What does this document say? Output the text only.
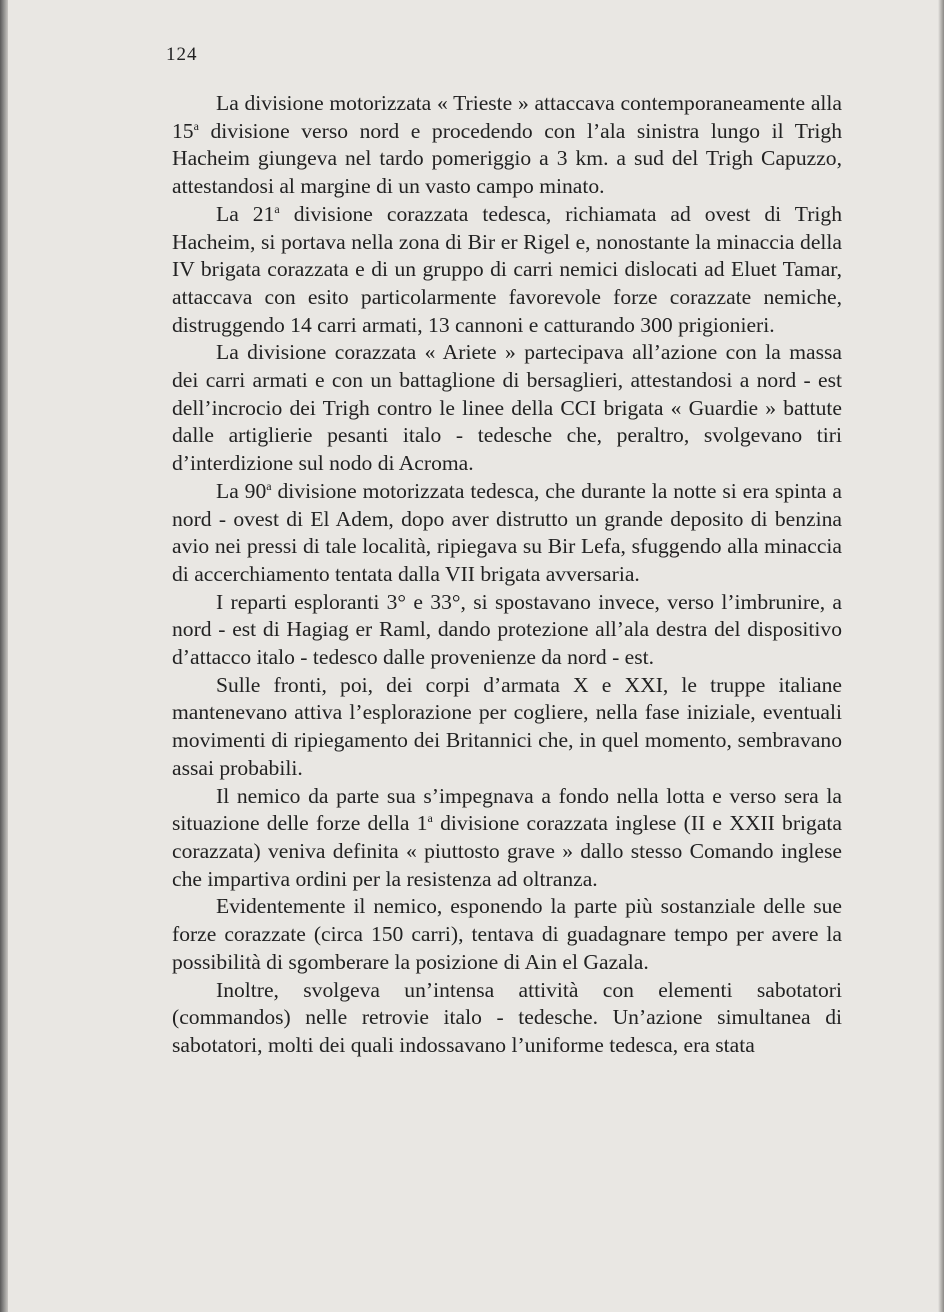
124

La divisione motorizzata « Trieste » attaccava contemporaneamente alla 15$^a$ divisione verso nord e procedendo con l’ala sinistra lungo il Trigh Hacheim giungeva nel tardo pomeriggio a 3 km. a sud del Trigh Capuzzo, attestandosi al margine di un vasto campo minato.

La 21$^a$ divisione corazzata tedesca, richiamata ad ovest di Trigh Hacheim, si portava nella zona di Bir er Rigel e, nonostante la minaccia della IV brigata corazzata e di un gruppo di carri nemici dislocati ad Eluet Tamar, attaccava con esito particolarmente favorevole forze corazzate nemiche, distruggendo 14 carri armati, 13 cannoni e catturando 300 prigionieri.

La divisione corazzata « Ariete » partecipava all’azione con la massa dei carri armati e con un battaglione di bersaglieri, attestandosi a nord - est dell’incrocio dei Trigh contro le linee della CCI brigata « Guardie » battute dalle artiglierie pesanti italo - tedesche che, peraltro, svolgevano tiri d’interdizione sul nodo di Acroma.

La 90$^a$ divisione motorizzata tedesca, che durante la notte si era spinta a nord - ovest di El Adem, dopo aver distrutto un grande deposito di benzina avio nei pressi di tale località, ripiegava su Bir Lefa, sfuggendo alla minaccia di accerchiamento tentata dalla VII brigata avversaria.

I reparti esploranti 3° e 33°, si spostavano invece, verso l’imbrunire, a nord - est di Hagiag er Raml, dando protezione all’ala destra del dispositivo d’attacco italo - tedesco dalle provenienze da nord - est.

Sulle fronti, poi, dei corpi d’armata X e XXI, le truppe italiane mantenevano attiva l’esplorazione per cogliere, nella fase iniziale, eventuali movimenti di ripiegamento dei Britannici che, in quel momento, sembravano assai probabili.

Il nemico da parte sua s’impegnava a fondo nella lotta e verso sera la situazione delle forze della 1$^a$ divisione corazzata inglese (II e XXII brigata corazzata) veniva definita « piuttosto grave » dallo stesso Comando inglese che impartiva ordini per la resistenza ad oltranza.

Evidentemente il nemico, esponendo la parte più sostanziale delle sue forze corazzate (circa 150 carri), tentava di guadagnare tempo per avere la possibilità di sgomberare la posizione di Ain el Gazala.

Inoltre, svolgeva un’intensa attività con elementi sabotatori (commandos) nelle retrovie italo - tedesche. Un’azione simultanea di sabotatori, molti dei quali indossavano l’uniforme tedesca, era stata
